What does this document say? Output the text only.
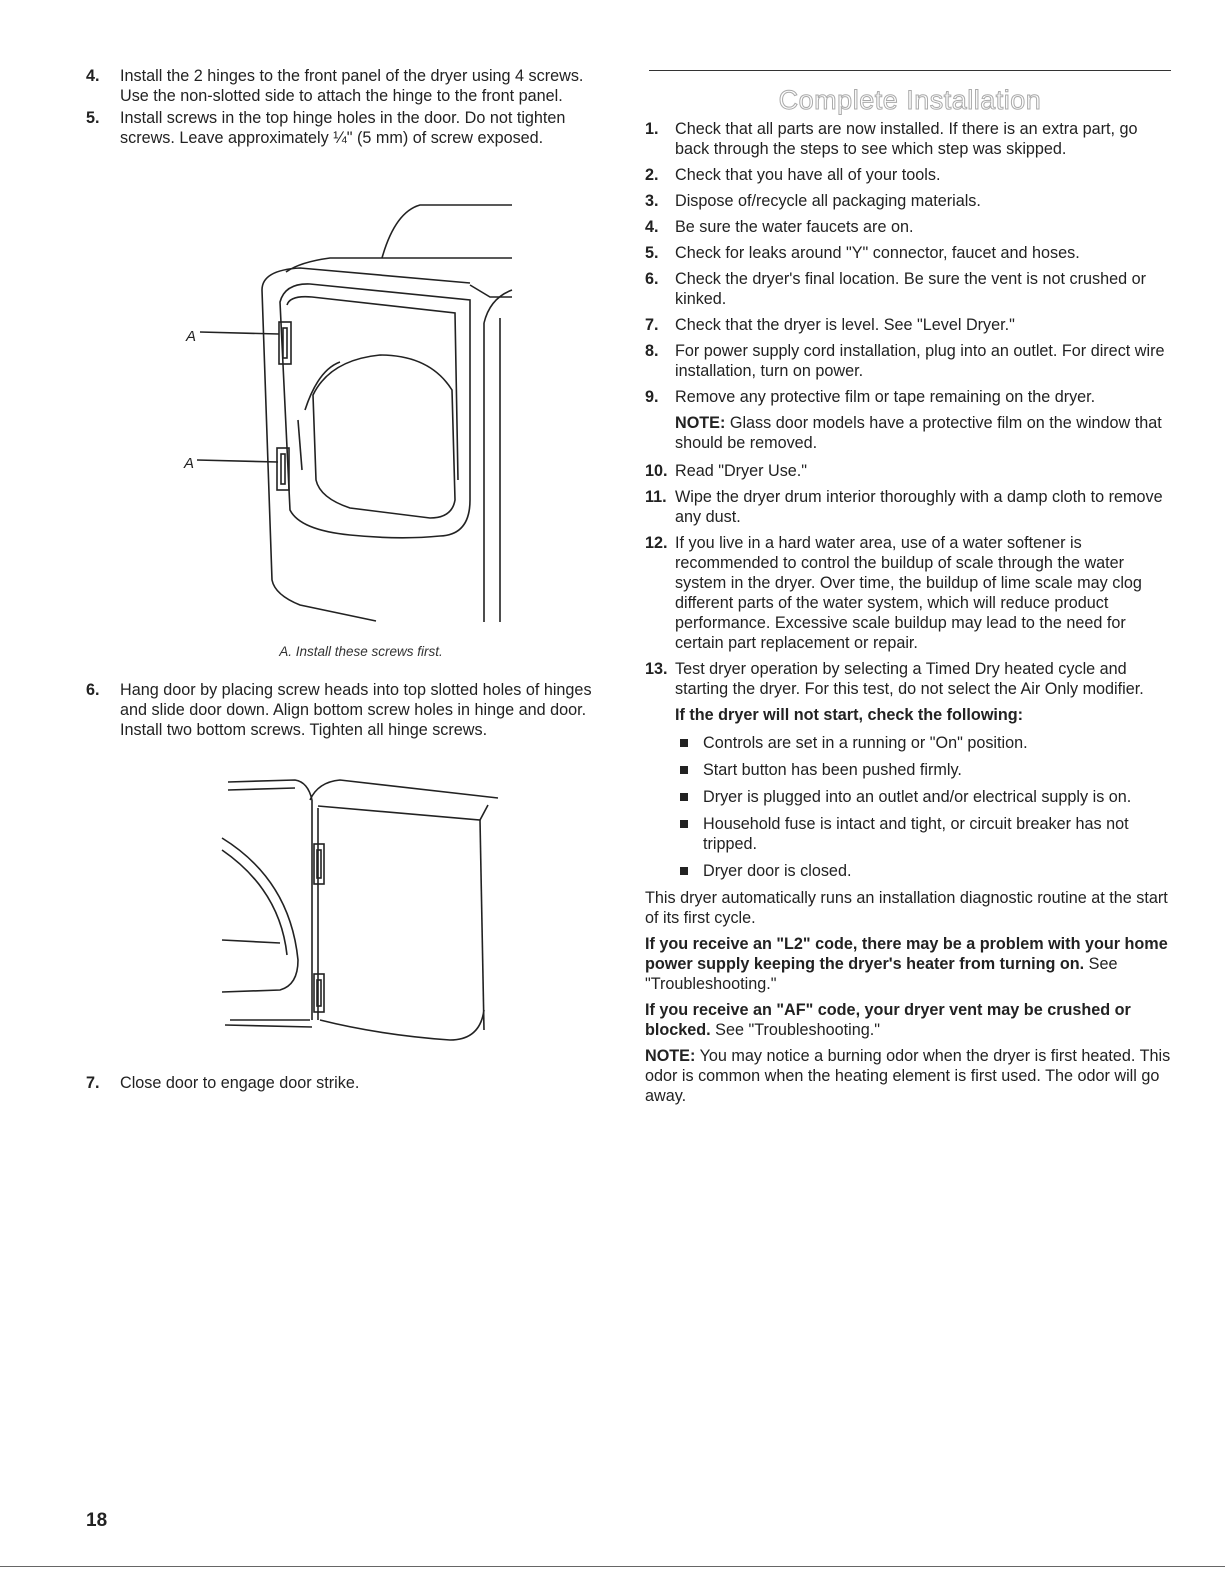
4. Install the 2 hinges to the front panel of the dryer using 4 screws. Use the non-slotted side to attach the hinge to the front panel.
5. Install screws in the top hinge holes in the door. Do not tighten screws. Leave approximately ¼" (5 mm) of screw exposed.
A
A
A. Install these screws first.
6. Hang door by placing screw heads into top slotted holes of hinges and slide door down. Align bottom screw holes in hinge and door. Install two bottom screws. Tighten all hinge screws.
7. Close door to engage door strike.
Complete Installation
1. Check that all parts are now installed. If there is an extra part, go back through the steps to see which step was skipped.
2. Check that you have all of your tools.
3. Dispose of/recycle all packaging materials.
4. Be sure the water faucets are on.
5. Check for leaks around "Y" connector, faucet and hoses.
6. Check the dryer's final location. Be sure the vent is not crushed or kinked.
7. Check that the dryer is level. See "Level Dryer."
8. For power supply cord installation, plug into an outlet. For direct wire installation, turn on power.
9. Remove any protective film or tape remaining on the dryer.

NOTE: Glass door models have a protective film on the window that should be removed.

10. Read "Dryer Use."
11. Wipe the dryer drum interior thoroughly with a damp cloth to remove any dust.
12. If you live in a hard water area, use of a water softener is recommended to control the buildup of scale through the water system in the dryer. Over time, the buildup of lime scale may clog different parts of the water system, which will reduce product performance. Excessive scale buildup may lead to the need for certain part replacement or repair.
13. Test dryer operation by selecting a Timed Dry heated cycle and starting the dryer. For this test, do not select the Air Only modifier.

If the dryer will not start, check the following:

Controls are set in a running or "On" position.
Start button has been pushed firmly.
Dryer is plugged into an outlet and/or electrical supply is on.
Household fuse is intact and tight, or circuit breaker has not tripped.
Dryer door is closed.

This dryer automatically runs an installation diagnostic routine at the start of its first cycle.

If you receive an "L2" code, there may be a problem with your home power supply keeping the dryer's heater from turning on. See "Troubleshooting."

If you receive an "AF" code, your dryer vent may be crushed or blocked. See "Troubleshooting."

NOTE: You may notice a burning odor when the dryer is first heated. This odor is common when the heating element is first used. The odor will go away.

18
